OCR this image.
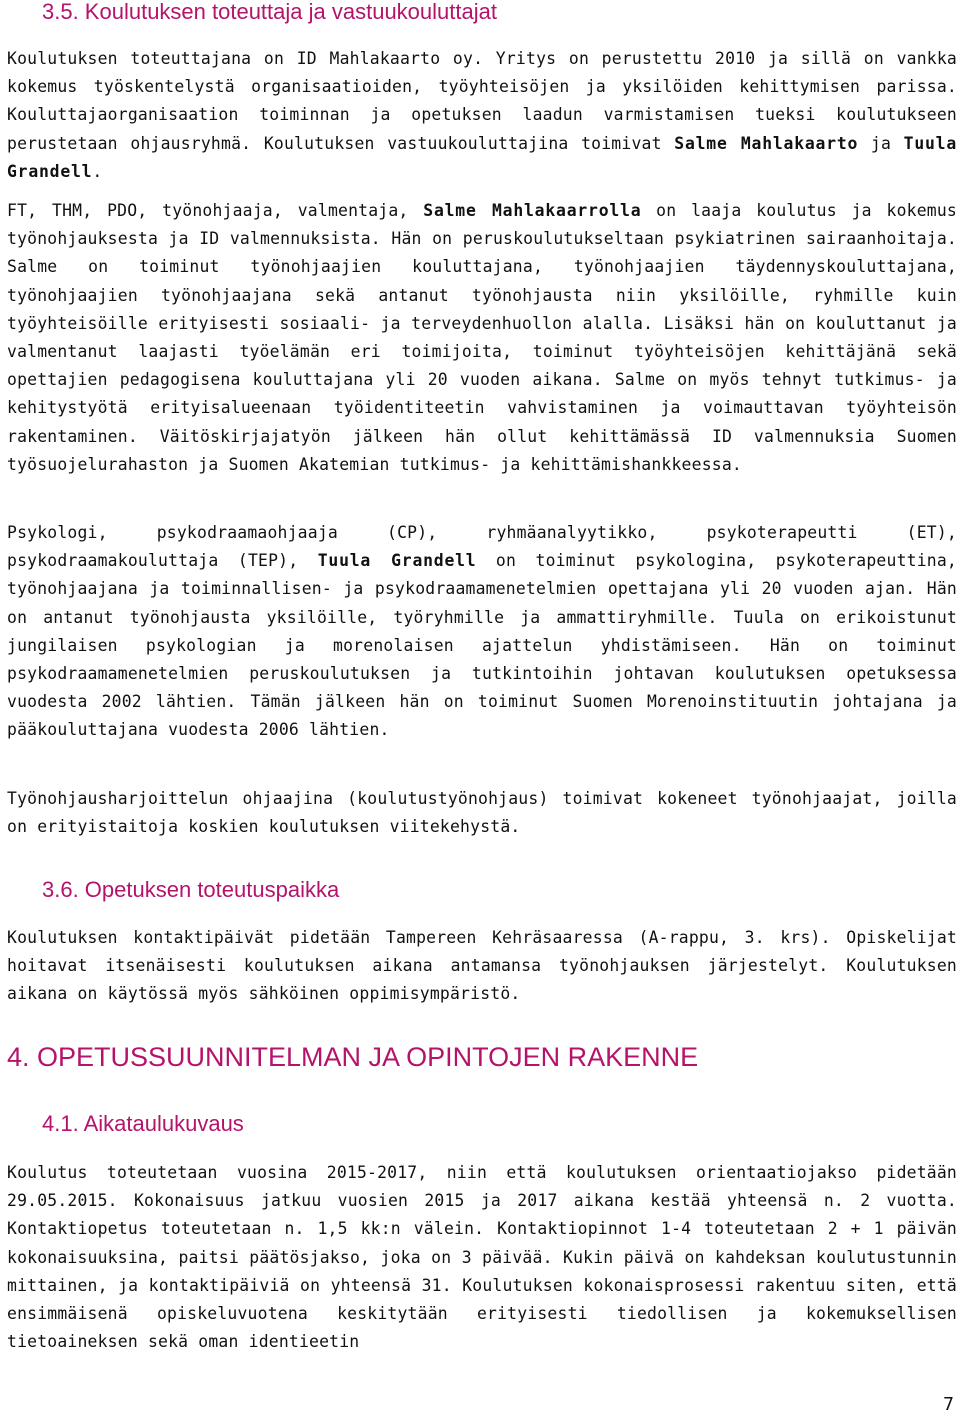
3.5. Koulutuksen toteuttaja ja vastuukouluttajat

Koulutuksen toteuttajana on ID Mahlakaarto oy. Yritys on perustettu 2010 ja sillä on vankka kokemus työskentelystä organisaatioiden, työyhteisöjen ja yksilöiden kehittymisen parissa. Kouluttajaorganisaation toiminnan ja opetuksen laadun varmistamisen tueksi koulutukseen perustetaan ohjausryhmä. Koulutuksen vastuukouluttajina toimivat Salme Mahlakaarto ja Tuula Grandell.

FT, THM, PDO, työnohjaaja, valmentaja, Salme Mahlakaarrolla on laaja koulutus ja kokemus työnohjauksesta ja ID valmennuksista. Hän on peruskoulutukseltaan psykiatrinen sairaanhoitaja. Salme on toiminut työnohjaajien kouluttajana, työnohjaajien täydennyskouluttajana, työnohjaajien työnohjaajana sekä antanut työnohjausta niin yksilöille, ryhmille kuin työyhteisöille erityisesti sosiaali- ja terveydenhuollon alalla. Lisäksi hän on kouluttanut ja valmentanut laajasti työelämän eri toimijoita, toiminut työyhteisöjen kehittäjänä sekä opettajien pedagogisena kouluttajana yli 20 vuoden aikana. Salme on myös tehnyt tutkimus- ja kehitystyötä erityisalueenaan työidentiteetin vahvistaminen ja voimauttavan työyhteisön rakentaminen. Väitöskirjajatyön jälkeen hän ollut kehittämässä ID valmennuksia Suomen työsuojelurahaston ja Suomen Akatemian tutkimus- ja kehittämishankkeessa.

Psykologi, psykodraamaohjaaja (CP), ryhmäanalyytikko, psykoterapeutti (ET), psykodraamakouluttaja (TEP), Tuula Grandell on toiminut psykologina, psykoterapeuttina, työnohjaajana ja toiminnallisen- ja psykodraamamenetelmien opettajana yli 20 vuoden ajan. Hän on antanut työnohjausta yksilöille, työryhmille ja ammattiryhmille. Tuula on erikoistunut jungilaisen psykologian ja morenolaisen ajattelun yhdistämiseen. Hän on toiminut psykodraamamenetelmien peruskoulutuksen ja tutkintoihin johtavan koulutuksen opetuksessa vuodesta 2002 lähtien. Tämän jälkeen hän on toiminut Suomen Morenoinstituutin johtajana ja pääkouluttajana vuodesta 2006 lähtien.

Työnohjausharjoittelun ohjaajina (koulutustyönohjaus) toimivat kokeneet työnohjaajat, joilla on erityistaitoja koskien koulutuksen viitekehystä.

3.6. Opetuksen toteutuspaikka

Koulutuksen kontaktipäivät pidetään Tampereen Kehräsaaressa (A-rappu, 3. krs). Opiskelijat hoitavat itsenäisesti koulutuksen aikana antamansa työnohjauksen järjestelyt. Koulutuksen aikana on käytössä myös sähköinen oppimisympäristö.

4. OPETUSSUUNNITELMAN JA OPINTOJEN RAKENNE
4.1. Aikataulukuvaus

Koulutus toteutetaan vuosina 2015-2017, niin että koulutuksen orientaatiojakso pidetään 29.05.2015. Kokonaisuus jatkuu vuosien 2015 ja 2017 aikana kestää yhteensä n. 2 vuotta. Kontaktiopetus toteutetaan n. 1,5 kk:n välein. Kontaktiopinnot 1-4 toteutetaan 2 + 1 päivän kokonaisuuksina, paitsi päätösjakso, joka on 3 päivää. Kukin päivä on kahdeksan koulutustunnin mittainen, ja kontaktipäiviä on yhteensä 31. Koulutuksen kokonaisprosessi rakentuu siten, että ensimmäisenä opiskeluvuotena keskitytään erityisesti tiedollisen ja kokemuksellisen tietoaineksen sekä oman identieetin

7
